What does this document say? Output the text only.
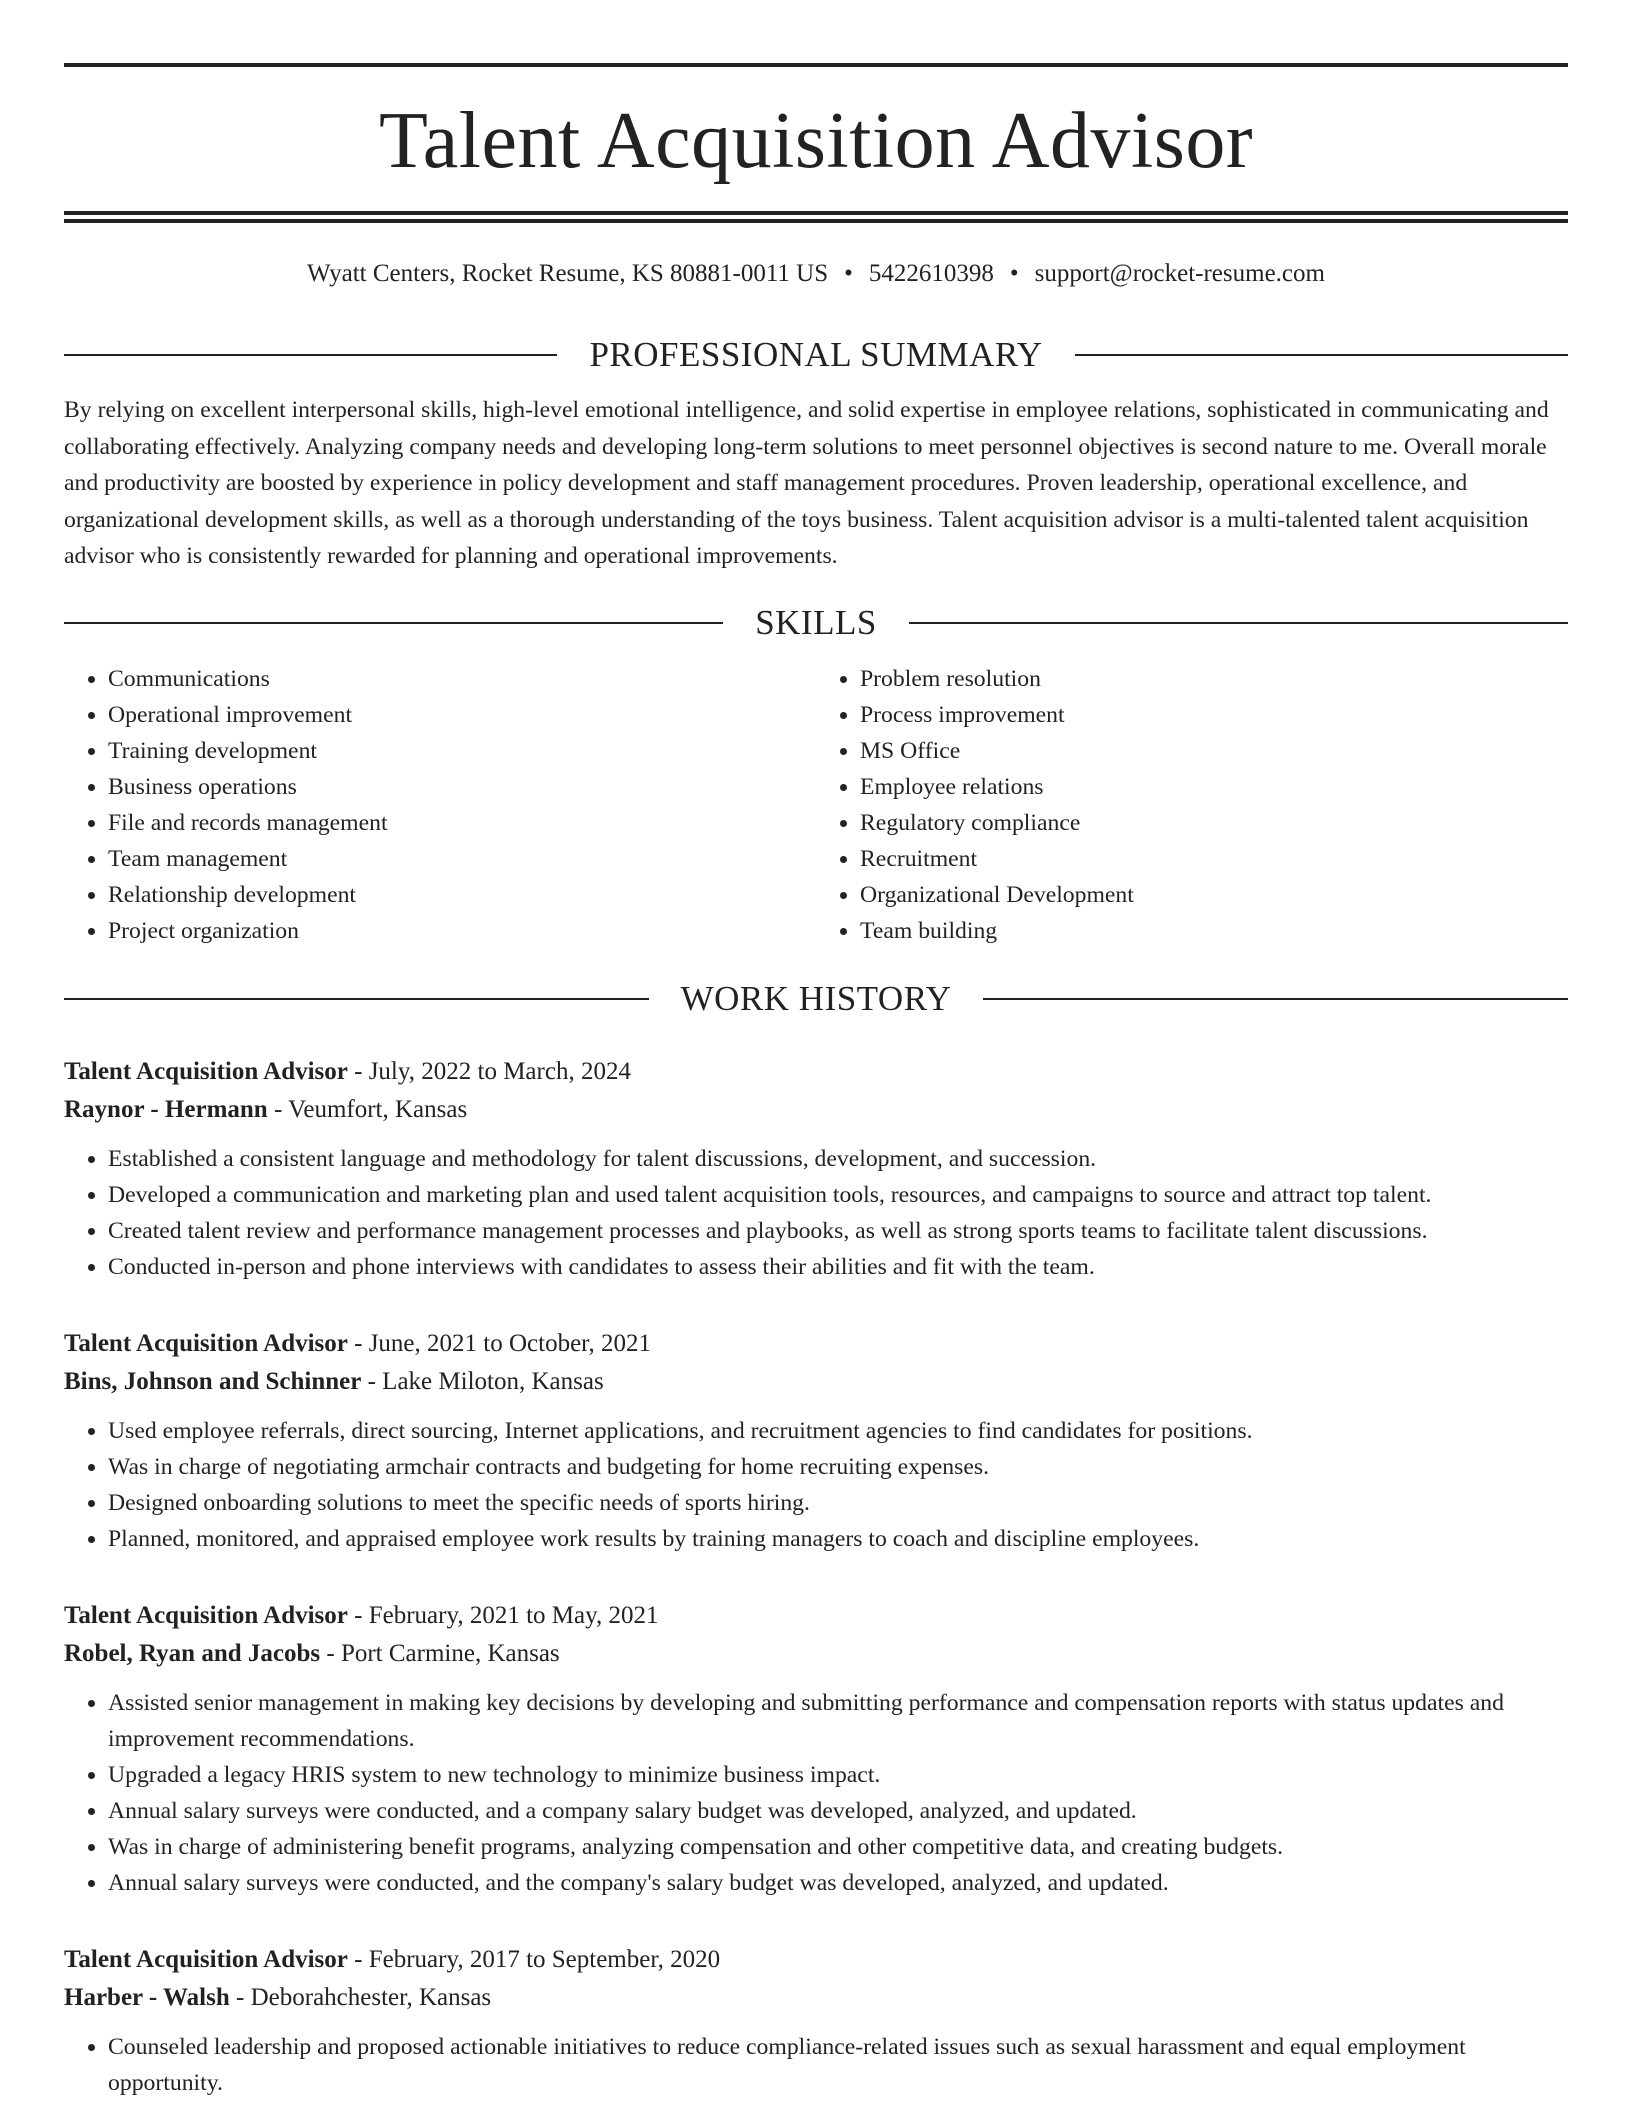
Talent Acquisition Advisor
Wyatt Centers, Rocket Resume, KS 80881-0011 US • 5422610398 • support@rocket-resume.com
PROFESSIONAL SUMMARY

By relying on excellent interpersonal skills, high-level emotional intelligence, and solid expertise in employee relations, sophisticated in communicating and collaborating effectively. Analyzing company needs and developing long-term solutions to meet personnel objectives is second nature to me. Overall morale and productivity are boosted by experience in policy development and staff management procedures. Proven leadership, operational excellence, and organizational development skills, as well as a thorough understanding of the toys business. Talent acquisition advisor is a multi-talented talent acquisition advisor who is consistently rewarded for planning and operational improvements.

SKILLS
• Communications
• Operational improvement
• Training development
• Business operations
• File and records management
• Team management
• Relationship development
• Project organization
• Problem resolution
• Process improvement
• MS Office
• Employee relations
• Regulatory compliance
• Recruitment
• Organizational Development
• Team building
WORK HISTORY
Talent Acquisition Advisor - July, 2022 to March, 2024
Raynor - Hermann - Veumfort, Kansas
• Established a consistent language and methodology for talent discussions, development, and succession.
• Developed a communication and marketing plan and used talent acquisition tools, resources, and campaigns to source and attract top talent.
• Created talent review and performance management processes and playbooks, as well as strong sports teams to facilitate talent discussions.
• Conducted in-person and phone interviews with candidates to assess their abilities and fit with the team.
Talent Acquisition Advisor - June, 2021 to October, 2021
Bins, Johnson and Schinner - Lake Miloton, Kansas
• Used employee referrals, direct sourcing, Internet applications, and recruitment agencies to find candidates for positions.
• Was in charge of negotiating armchair contracts and budgeting for home recruiting expenses.
• Designed onboarding solutions to meet the specific needs of sports hiring.
• Planned, monitored, and appraised employee work results by training managers to coach and discipline employees.
Talent Acquisition Advisor - February, 2021 to May, 2021
Robel, Ryan and Jacobs - Port Carmine, Kansas
• Assisted senior management in making key decisions by developing and submitting performance and compensation reports with status updates and improvement recommendations.
• Upgraded a legacy HRIS system to new technology to minimize business impact.
• Annual salary surveys were conducted, and a company salary budget was developed, analyzed, and updated.
• Was in charge of administering benefit programs, analyzing compensation and other competitive data, and creating budgets.
• Annual salary surveys were conducted, and the company's salary budget was developed, analyzed, and updated.
Talent Acquisition Advisor - February, 2017 to September, 2020
Harber - Walsh - Deborahchester, Kansas
• Counseled leadership and proposed actionable initiatives to reduce compliance-related issues such as sexual harassment and equal employment opportunity.
